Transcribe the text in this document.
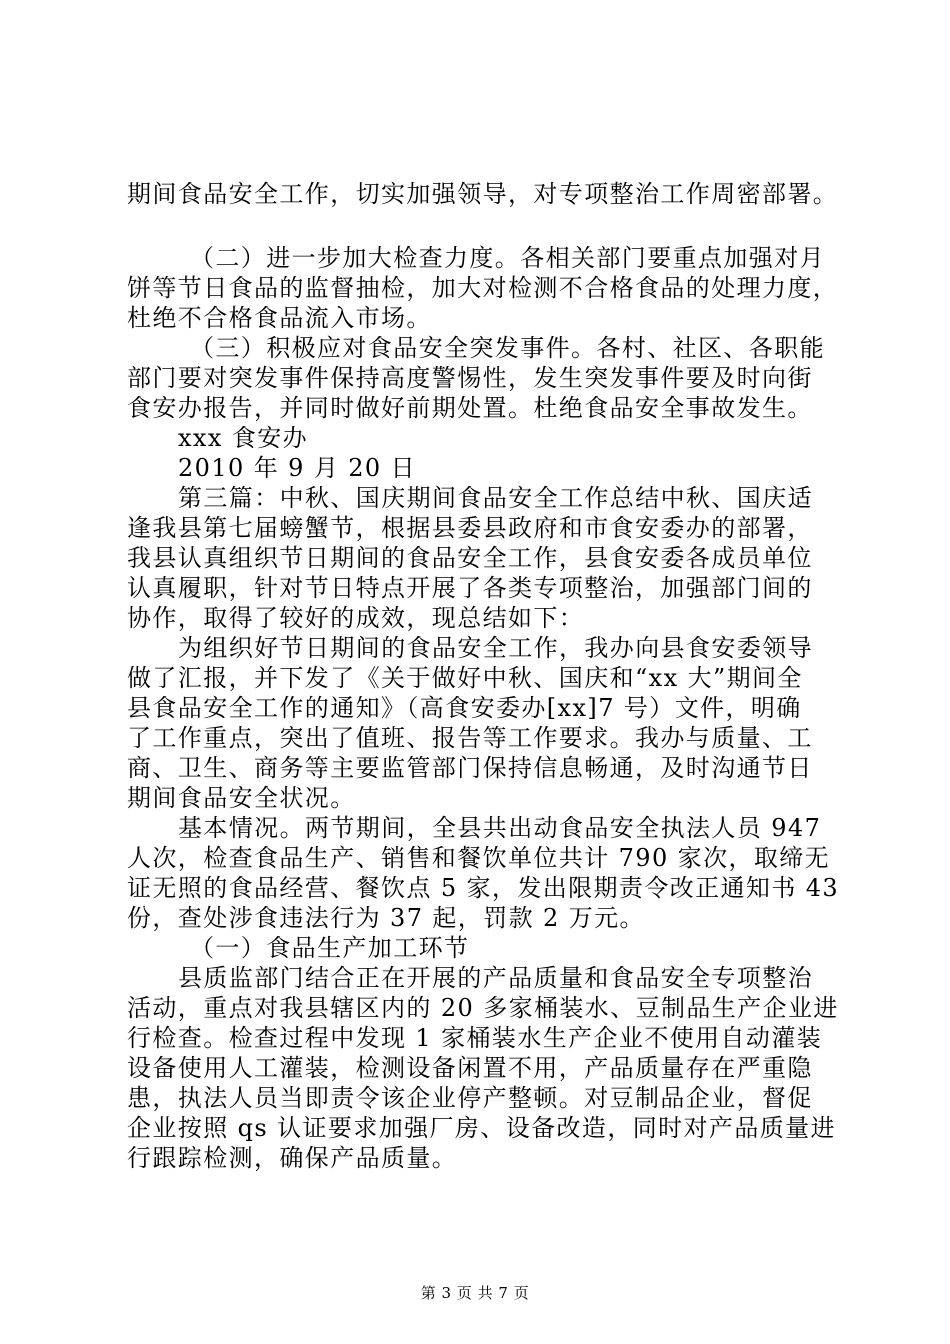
期间食品安全工作，切实加强领导，对专项整治工作周密部署。
（二）进一步加大检查力度。各相关部门要重点加强对月
饼等节日食品的监督抽检，加大对检测不合格食品的处理力度，
杜绝不合格食品流入市场。
（三）积极应对食品安全突发事件。各村、社区、各职能
部门要对突发事件保持高度警惕性，发生突发事件要及时向街
食安办报告，并同时做好前期处置。杜绝食品安全事故发生。
xxx 食安办
2010 年 9 月 20 日
第三篇：中秋、国庆期间食品安全工作总结中秋、国庆适
逢我县第七届螃蟹节，根据县委县政府和市食安委办的部署，
我县认真组织节日期间的食品安全工作，县食安委各成员单位
认真履职，针对节日特点开展了各类专项整治，加强部门间的
协作，取得了较好的成效，现总结如下：
为组织好节日期间的食品安全工作，我办向县食安委领导
做了汇报，并下发了《关于做好中秋、国庆和“xx 大”期间全
县食品安全工作的通知》（高食安委办[xx]7 号）文件，明确
了工作重点，突出了值班、报告等工作要求。我办与质量、工
商、卫生、商务等主要监管部门保持信息畅通，及时沟通节日
期间食品安全状况。
基本情况。两节期间，全县共出动食品安全执法人员 947
人次，检查食品生产、销售和餐饮单位共计 790 家次，取缔无
证无照的食品经营、餐饮点 5 家，发出限期责令改正通知书 43
份，查处涉食违法行为 37 起，罚款 2 万元。
（一）食品生产加工环节
县质监部门结合正在开展的产品质量和食品安全专项整治
活动，重点对我县辖区内的 20 多家桶装水、豆制品生产企业进
行检查。检查过程中发现 1 家桶装水生产企业不使用自动灌装
设备使用人工灌装，检测设备闲置不用，产品质量存在严重隐
患，执法人员当即责令该企业停产整顿。对豆制品企业，督促
企业按照 qs 认证要求加强厂房、设备改造，同时对产品质量进
行跟踪检测，确保产品质量。
第 3 页 共 7 页
